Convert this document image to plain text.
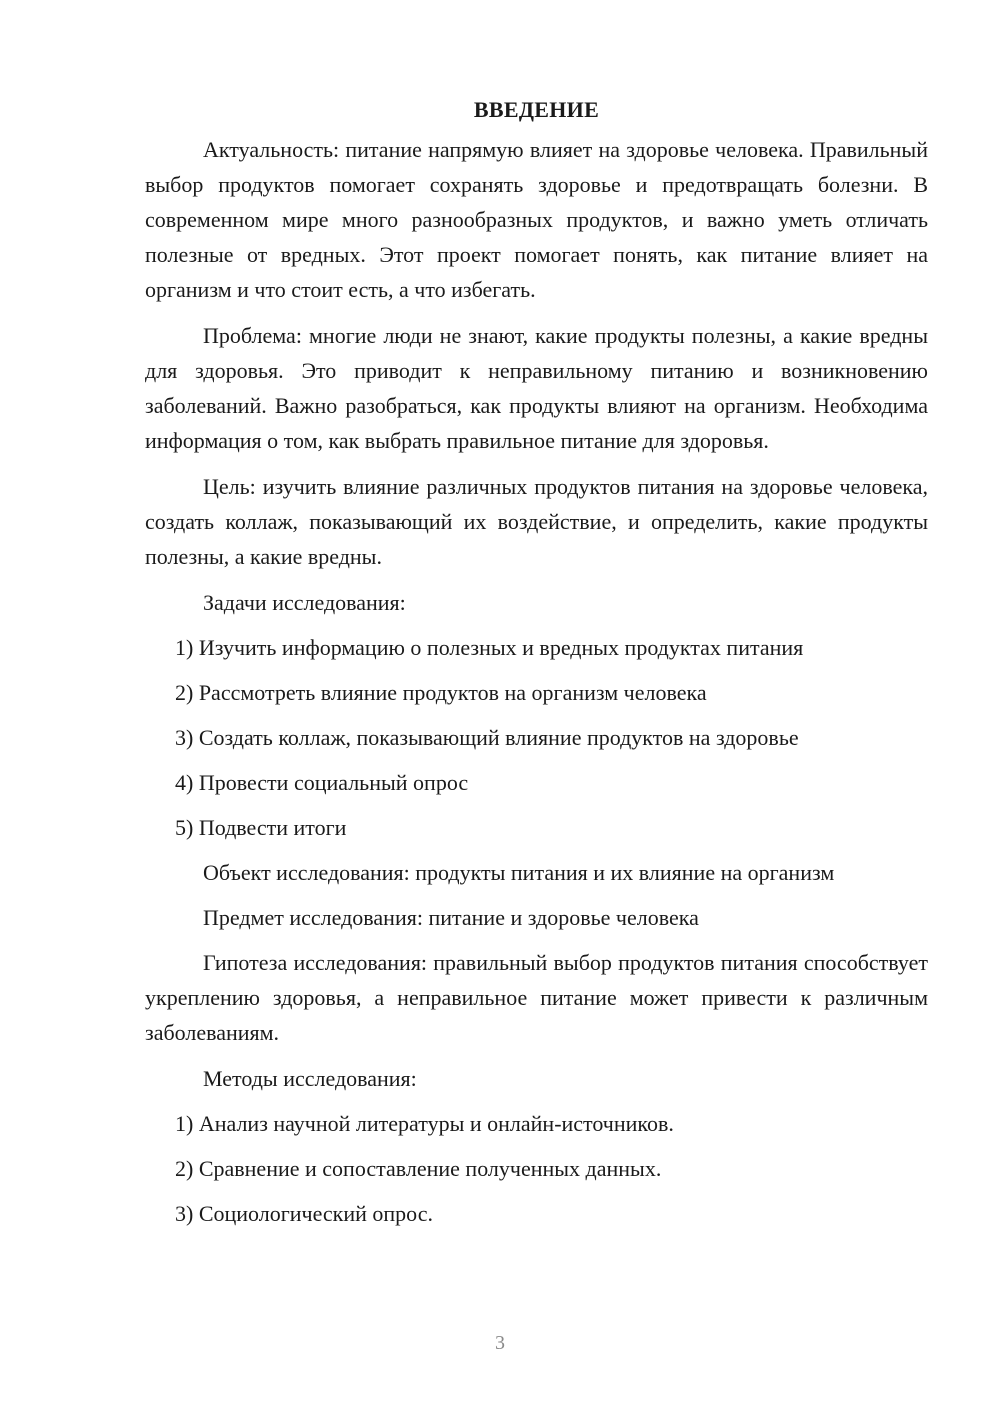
ВВЕДЕНИЕ

Актуальность: питание напрямую влияет на здоровье человека. Правильный выбор продуктов помогает сохранять здоровье и предотвращать болезни. В современном мире много разнообразных продуктов, и важно уметь отличать полезные от вредных. Этот проект помогает понять, как питание влияет на организм и что стоит есть, а что избегать.

Проблема: многие люди не знают, какие продукты полезны, а какие вредны для здоровья. Это приводит к неправильному питанию и возникновению заболеваний. Важно разобраться, как продукты влияют на организм. Необходима информация о том, как выбрать правильное питание для здоровья.

Цель: изучить влияние различных продуктов питания на здоровье человека, создать коллаж, показывающий их воздействие, и определить, какие продукты полезны, а какие вредны.

Задачи исследования:

1) Изучить информацию о полезных и вредных продуктах питания
2) Рассмотреть влияние продуктов на организм человека
3) Создать коллаж, показывающий влияние продуктов на здоровье
4) Провести социальный опрос
5) Подвести итоги

Объект исследования: продукты питания и их влияние на организм

Предмет исследования: питание и здоровье человека

Гипотеза исследования: правильный выбор продуктов питания способствует укреплению здоровья, а неправильное питание может привести к различным заболеваниям.

Методы исследования:

1) Анализ научной литературы и онлайн-источников.
2) Сравнение и сопоставление полученных данных.
3) Социологический опрос.
3
